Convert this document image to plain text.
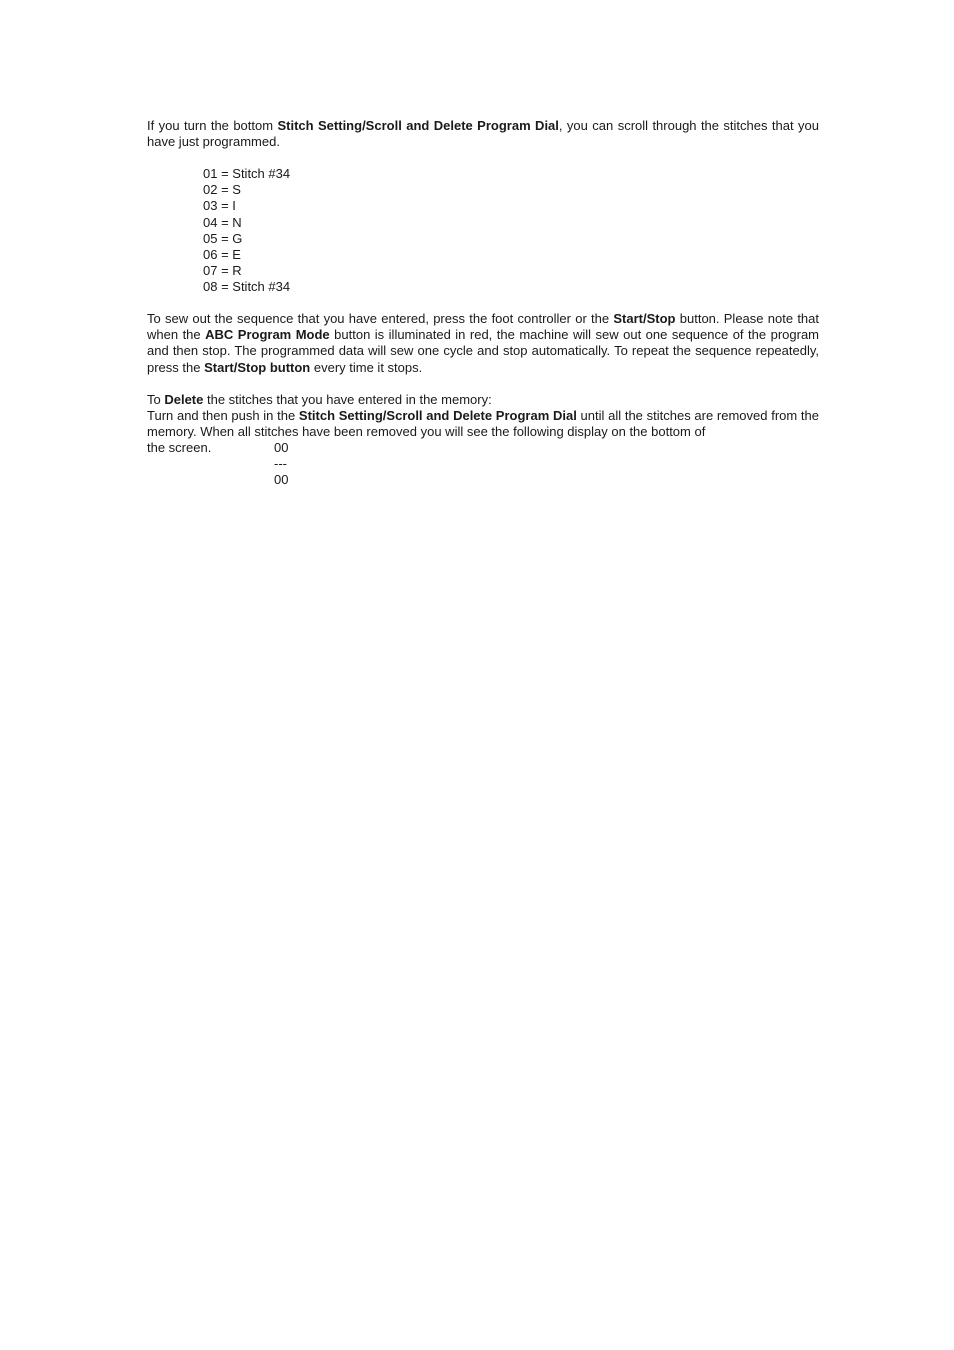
If you turn the bottom Stitch Setting/Scroll and Delete Program Dial, you can scroll through the stitches that you have just programmed.

01 = Stitch #34
02 = S
03 = I
04 = N
05 = G
06 = E
07 = R
08 = Stitch #34

To sew out the sequence that you have entered, press the foot controller or the Start/Stop button. Please note that when the ABC Program Mode button is illuminated in red, the machine will sew out one sequence of the program and then stop. The programmed data will sew one cycle and stop automatically. To repeat the sequence repeatedly, press the Start/Stop button every time it stops.

To Delete the stitches that you have entered in the memory:

Turn and then push in the Stitch Setting/Scroll and Delete Program Dial until all the stitches are removed from the memory. When all stitches have been removed you will see the following display on the bottom of
the screen.	00
---
00
